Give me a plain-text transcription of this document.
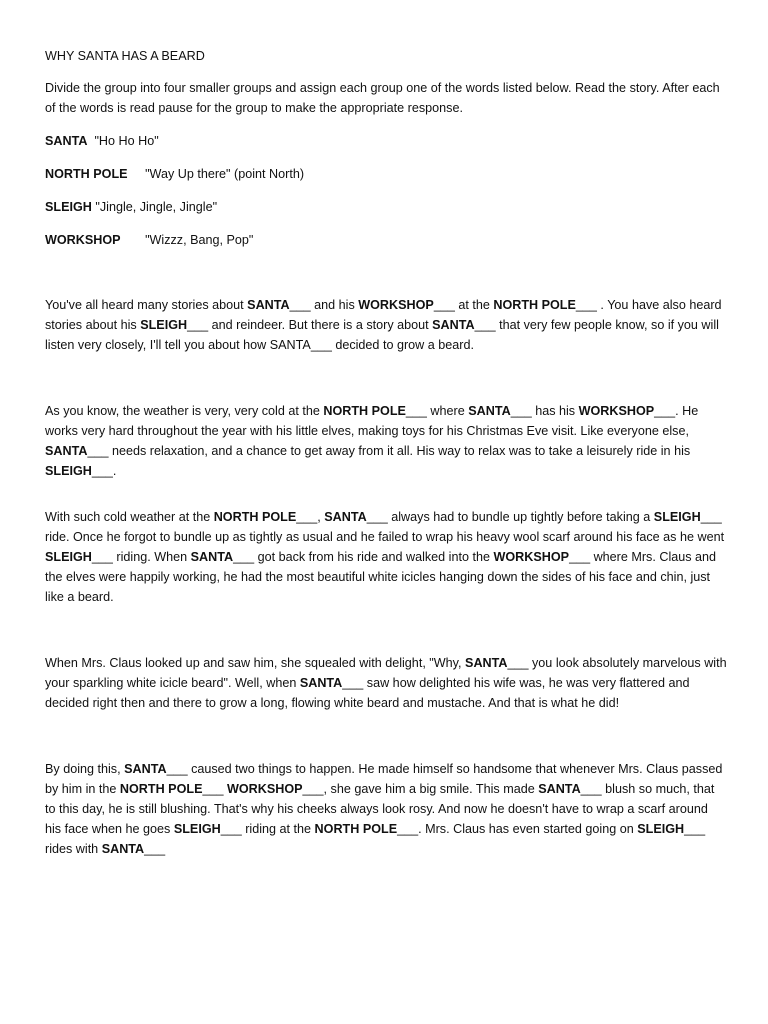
WHY SANTA HAS A BEARD

Divide the group into four smaller groups and assign each group one of the words listed below. Read the story. After each of the words is read pause for the group to make the appropriate response.

SANTA "Ho Ho Ho"

NORTH POLE "Way Up there" (point North)

SLEIGH "Jingle, Jingle, Jingle"

WORKSHOP "Wizzz, Bang, Pop"

You've all heard many stories about SANTA___ and his WORKSHOP___ at the NORTH POLE___ . You have also heard stories about his SLEIGH___ and reindeer. But there is a story about SANTA___ that very few people know, so if you will listen very closely, I'll tell you about how SANTA___ decided to grow a beard.

As you know, the weather is very, very cold at the NORTH POLE___ where SANTA___ has his WORKSHOP___. He works very hard throughout the year with his little elves, making toys for his Christmas Eve visit. Like everyone else, SANTA___ needs relaxation, and a chance to get away from it all. His way to relax was to take a leisurely ride in his SLEIGH___.

With such cold weather at the NORTH POLE___, SANTA___ always had to bundle up tightly before taking a SLEIGH___ ride. Once he forgot to bundle up as tightly as usual and he failed to wrap his heavy wool scarf around his face as he went SLEIGH___ riding. When SANTA___ got back from his ride and walked into the WORKSHOP___ where Mrs. Claus and the elves were happily working, he had the most beautiful white icicles hanging down the sides of his face and chin, just like a beard.

When Mrs. Claus looked up and saw him, she squealed with delight, "Why, SANTA___ you look absolutely marvelous with your sparkling white icicle beard". Well, when SANTA___ saw how delighted his wife was, he was very flattered and decided right then and there to grow a long, flowing white beard and mustache. And that is what he did!

By doing this, SANTA___ caused two things to happen. He made himself so handsome that whenever Mrs. Claus passed by him in the NORTH POLE___ WORKSHOP___, she gave him a big smile. This made SANTA___ blush so much, that to this day, he is still blushing. That's why his cheeks always look rosy. And now he doesn't have to wrap a scarf around his face when he goes SLEIGH___ riding at the NORTH POLE___. Mrs. Claus has even started going on SLEIGH___ rides with SANTA___
